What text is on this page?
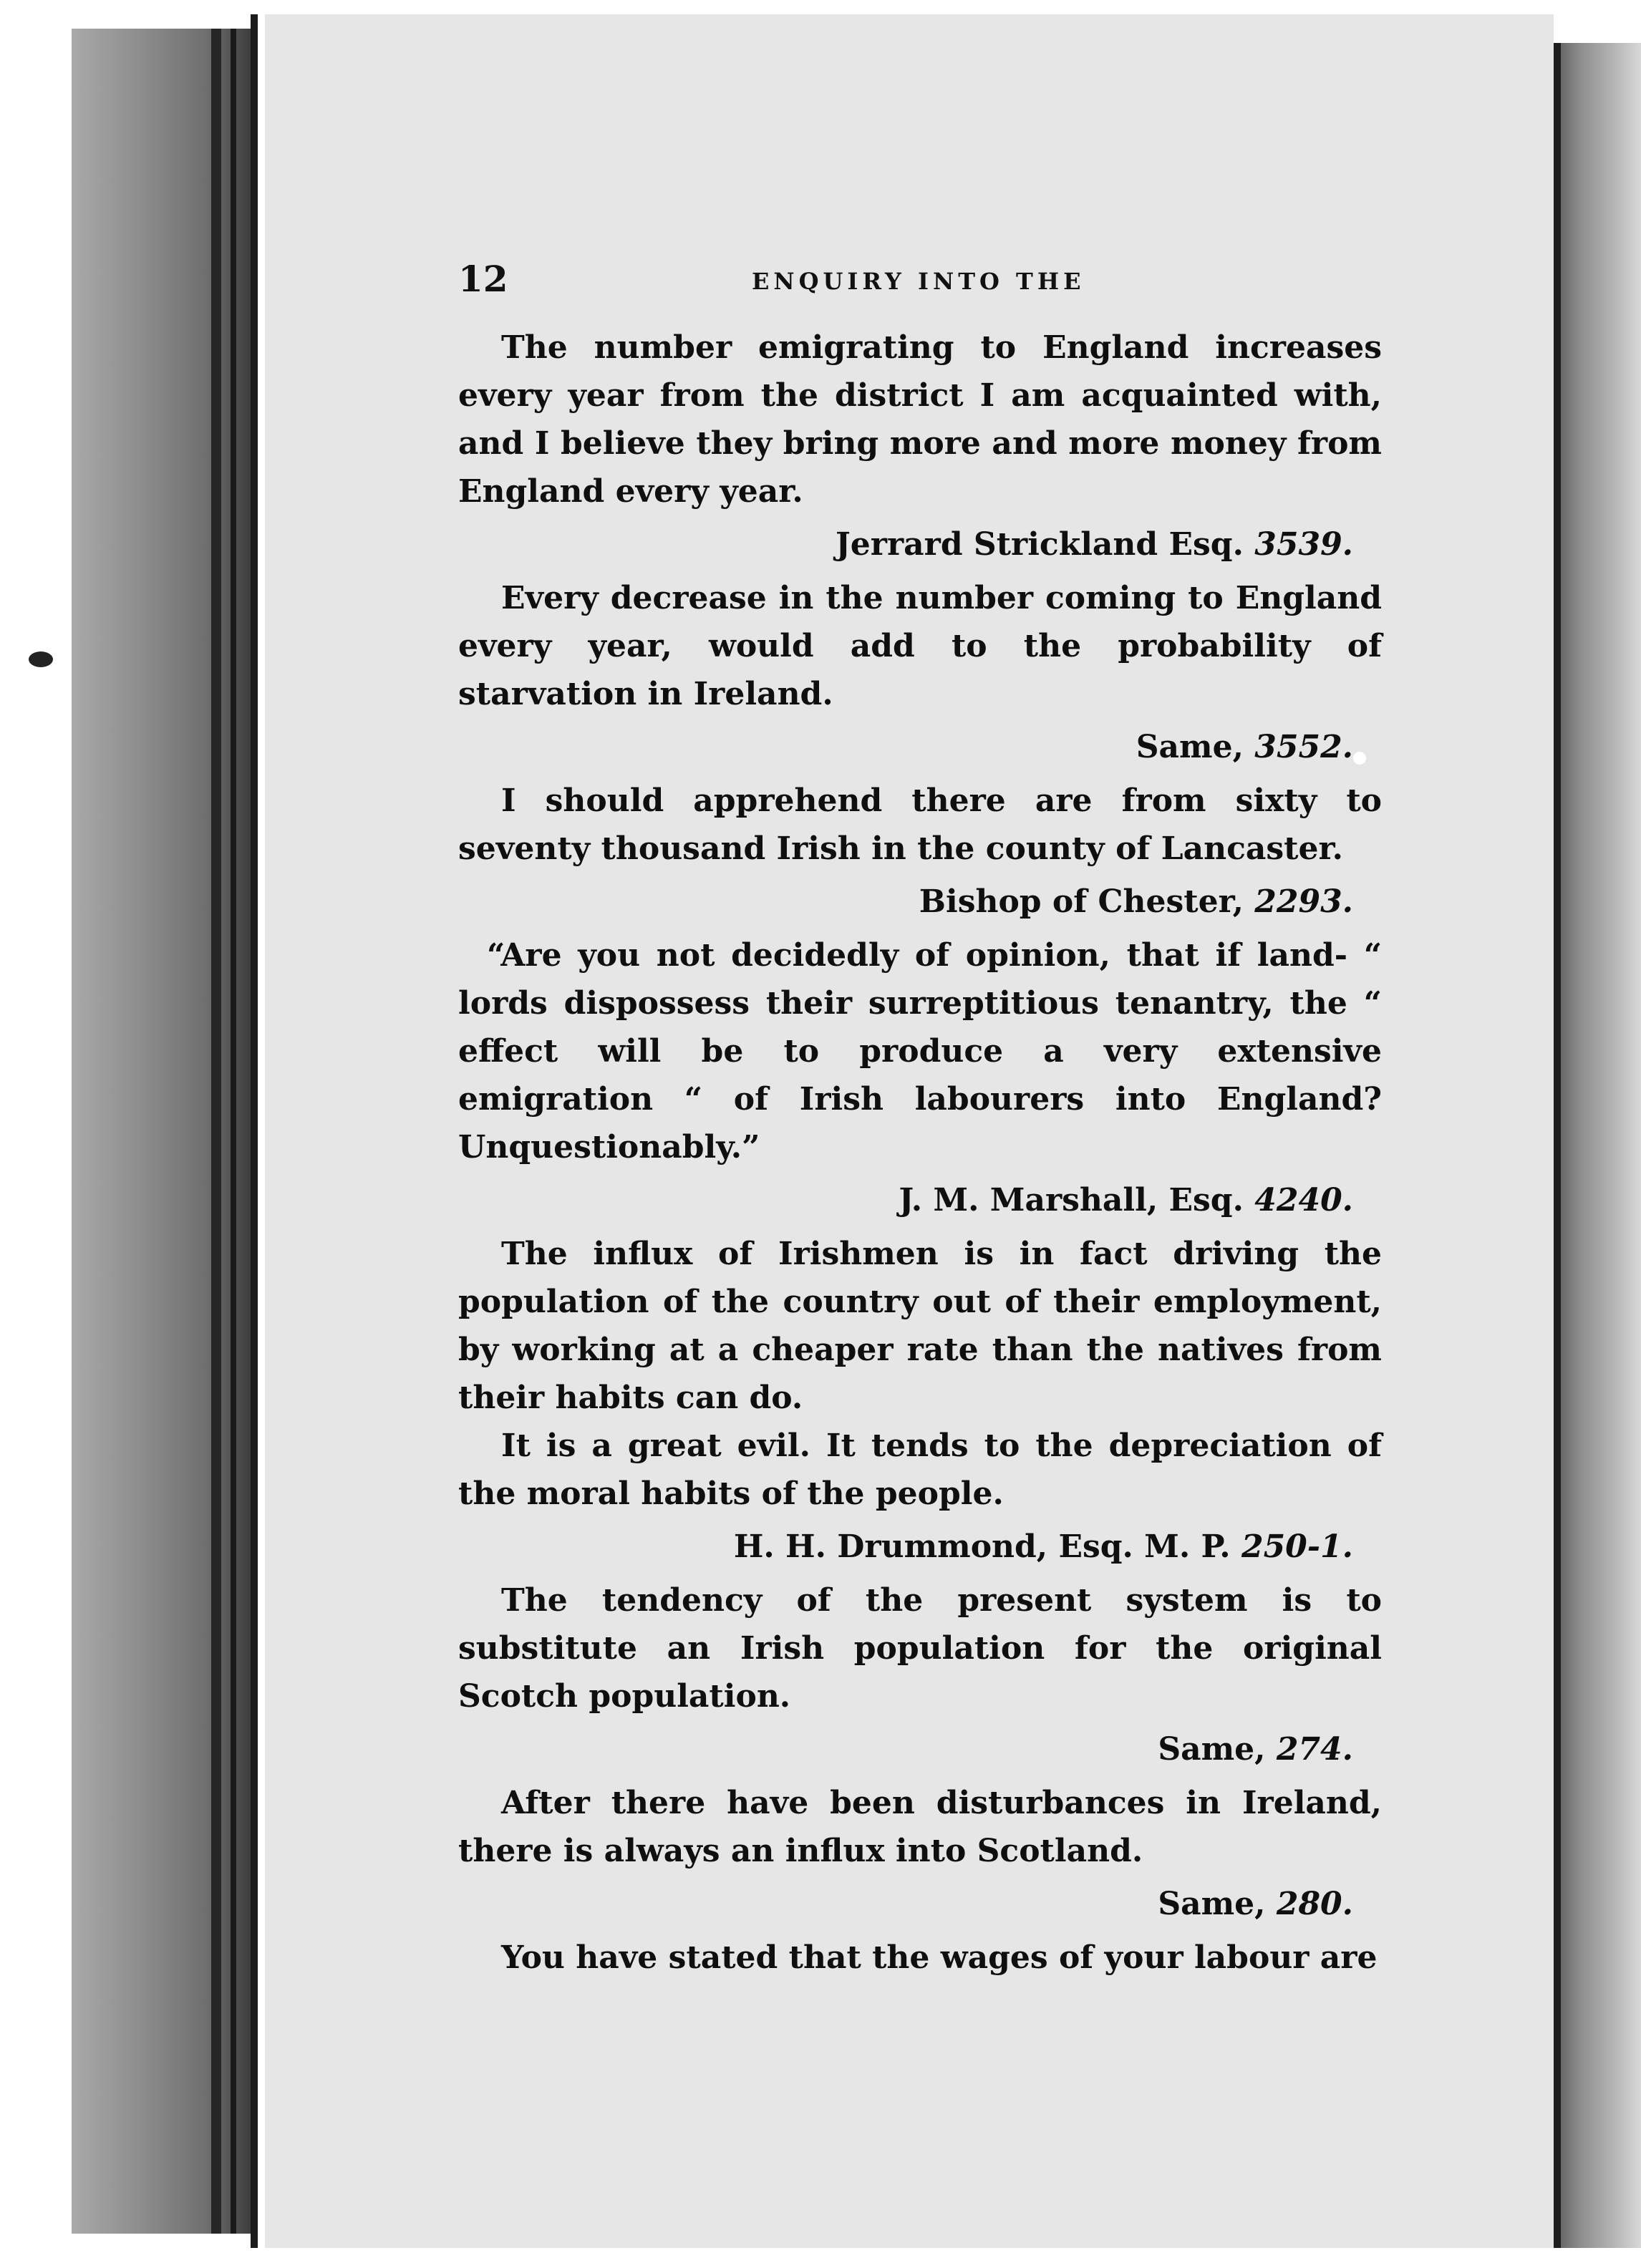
12	ENQUIRY INTO THE

The number emigrating to England increases every year from the district I am acquainted with, and I believe they bring more and more money from England every year.

Jerrard Strickland Esq. 3539.

Every decrease in the number coming to England every year, would add to the probability of starvation in Ireland.

Same, 3552.

I should apprehend there are from sixty to seventy thousand Irish in the county of Lancaster.

Bishop of Chester, 2293.

“Are you not decidedly of opinion, that if land- “ lords dispossess their surreptitious tenantry, the “ effect will be to produce a very extensive emigration “ of Irish labourers into England? Unquestionably.”

J. M. Marshall, Esq. 4240.

The influx of Irishmen is in fact driving the population of the country out of their employment, by working at a cheaper rate than the natives from their habits can do.

It is a great evil. It tends to the depreciation of the moral habits of the people.

H. H. Drummond, Esq. M. P. 250-1.

The tendency of the present system is to substitute an Irish population for the original Scotch population.

Same, 274.

After there have been disturbances in Ireland, there is always an influx into Scotland.

Same, 280.

You have stated that the wages of your labour are
